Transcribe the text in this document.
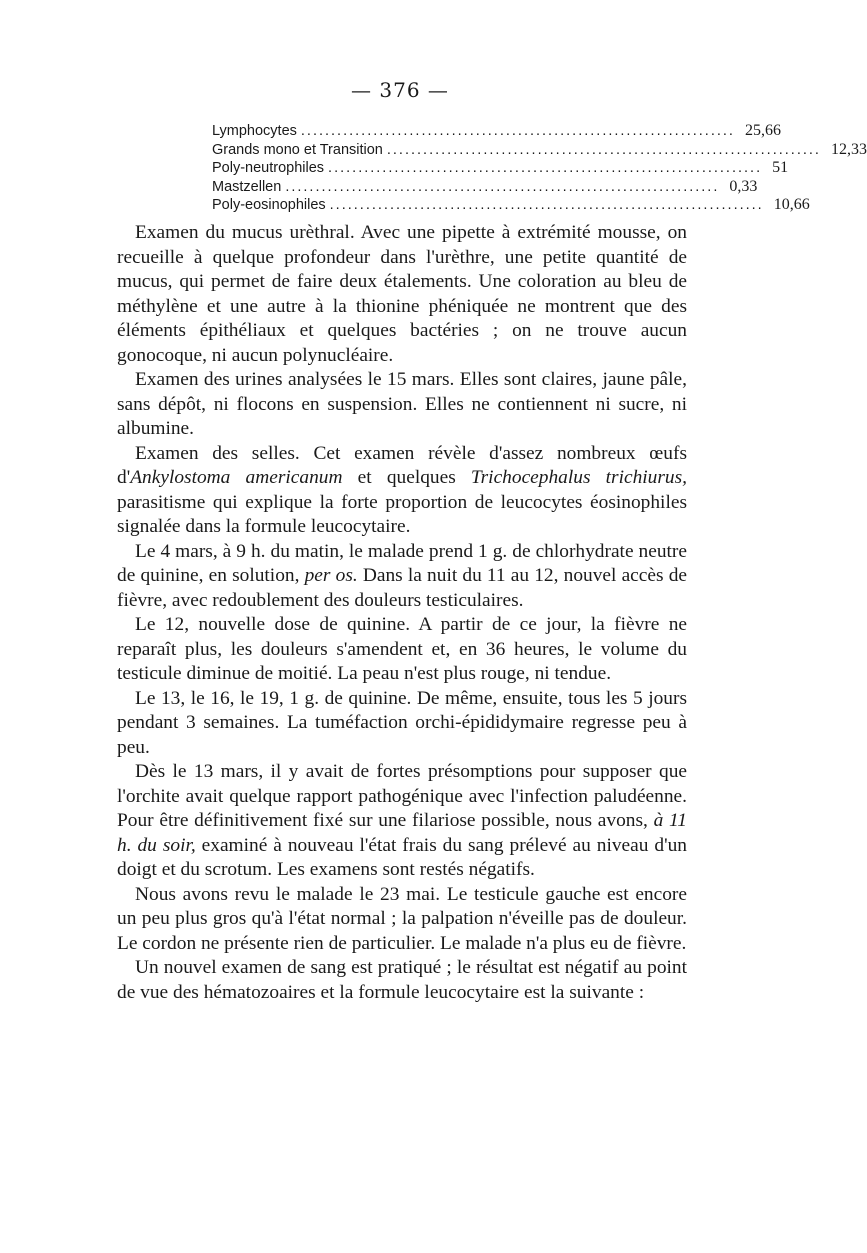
— 376 —
Lymphocytes ........................................................................ 25,66
Grands mono et Transition ........................................................................ 12,33
Poly-neutrophiles ........................................................................ 51
Mastzellen ........................................................................ 0,33
Poly-eosinophiles ........................................................................ 10,66

Examen du mucus urèthral. Avec une pipette à extrémité mousse, on recueille à quelque profondeur dans l'urèthre, une petite quantité de mucus, qui permet de faire deux étalements. Une coloration au bleu de méthylène et une autre à la thionine phéniquée ne montrent que des éléments épithéliaux et quelques bactéries ; on ne trouve aucun gonocoque, ni aucun polynucléaire.

Examen des urines analysées le 15 mars. Elles sont claires, jaune pâle, sans dépôt, ni flocons en suspension. Elles ne contiennent ni sucre, ni albumine.

Examen des selles. Cet examen révèle d'assez nombreux œufs d'Ankylostoma americanum et quelques Trichocephalus trichiurus, parasitisme qui explique la forte proportion de leucocytes éosinophiles signalée dans la formule leucocytaire.

Le 4 mars, à 9 h. du matin, le malade prend 1 g. de chlorhydrate neutre de quinine, en solution, per os. Dans la nuit du 11 au 12, nouvel accès de fièvre, avec redoublement des douleurs testiculaires.

Le 12, nouvelle dose de quinine. A partir de ce jour, la fièvre ne reparaît plus, les douleurs s'amendent et, en 36 heures, le volume du testicule diminue de moitié. La peau n'est plus rouge, ni tendue.

Le 13, le 16, le 19, 1 g. de quinine. De même, ensuite, tous les 5 jours pendant 3 semaines. La tuméfaction orchi-épididymaire regresse peu à peu.

Dès le 13 mars, il y avait de fortes présomptions pour supposer que l'orchite avait quelque rapport pathogénique avec l'infection paludéenne. Pour être définitivement fixé sur une filariose possible, nous avons, à 11 h. du soir, examiné à nouveau l'état frais du sang prélevé au niveau d'un doigt et du scrotum. Les examens sont restés négatifs.

Nous avons revu le malade le 23 mai. Le testicule gauche est encore un peu plus gros qu'à l'état normal ; la palpation n'éveille pas de douleur. Le cordon ne présente rien de particulier. Le malade n'a plus eu de fièvre.

Un nouvel examen de sang est pratiqué ; le résultat est négatif au point de vue des hématozoaires et la formule leucocytaire est la suivante :
